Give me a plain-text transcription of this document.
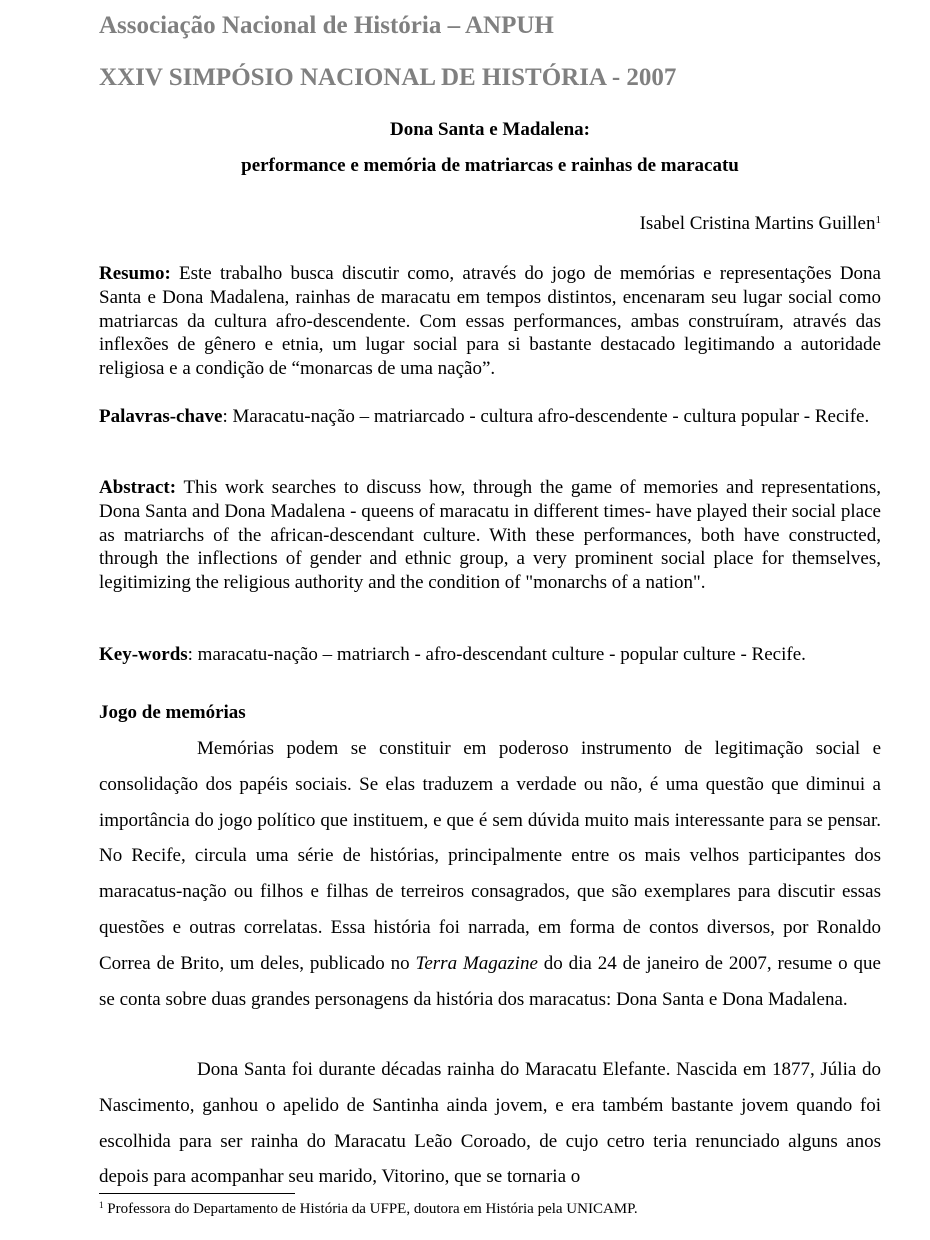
Associação Nacional de História – ANPUH
XXIV SIMPÓSIO NACIONAL DE HISTÓRIA - 2007
Dona Santa e Madalena:
performance e memória de matriarcas e rainhas de maracatu
Isabel Cristina Martins Guillen$^1$
Resumo: Este trabalho busca discutir como, através do jogo de memórias e representações Dona Santa e Dona Madalena, rainhas de maracatu em tempos distintos, encenaram seu lugar social como matriarcas da cultura afro-descendente. Com essas performances, ambas construíram, através das inflexões de gênero e etnia, um lugar social para si bastante destacado legitimando a autoridade religiosa e a condição de “monarcas de uma nação”.
Palavras-chave: Maracatu-nação – matriarcado - cultura afro-descendente - cultura popular - Recife.
Abstract: This work searches to discuss how, through the game of memories and representations, Dona Santa and Dona Madalena - queens of maracatu in different times- have played their social place as matriarchs of the african-descendant culture. With these performances, both have constructed, through the inflections of gender and ethnic group, a very prominent social place for themselves, legitimizing the religious authority and the condition of "monarchs of a nation".
Key-words: maracatu-nação – matriarch - afro-descendant culture - popular culture - Recife.
Jogo de memórias

Memórias podem se constituir em poderoso instrumento de legitimação social e consolidação dos papéis sociais. Se elas traduzem a verdade ou não, é uma questão que diminui a importância do jogo político que instituem, e que é sem dúvida muito mais interessante para se pensar. No Recife, circula uma série de histórias, principalmente entre os mais velhos participantes dos maracatus-nação ou filhos e filhas de terreiros consagrados, que são exemplares para discutir essas questões e outras correlatas. Essa história foi narrada, em forma de contos diversos, por Ronaldo Correa de Brito, um deles, publicado no Terra Magazine do dia 24 de janeiro de 2007, resume o que se conta sobre duas grandes personagens da história dos maracatus: Dona Santa e Dona Madalena.

Dona Santa foi durante décadas rainha do Maracatu Elefante. Nascida em 1877, Júlia do Nascimento, ganhou o apelido de Santinha ainda jovem, e era também bastante jovem quando foi escolhida para ser rainha do Maracatu Leão Coroado, de cujo cetro teria renunciado alguns anos depois para acompanhar seu marido, Vitorino, que se tornaria o

$^1$ Professora do Departamento de História da UFPE, doutora em História pela UNICAMP.
